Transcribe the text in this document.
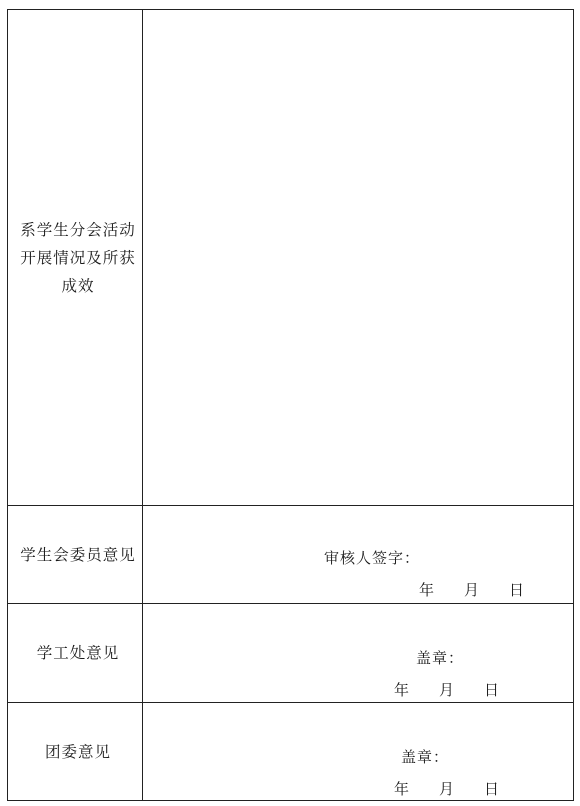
系学生分会活动开展情况及所获成效
学生会委员意见	审核人签字：
年 月 日
学工处意见	盖章：
年 月 日
团委意见	盖章：
年 月 日
